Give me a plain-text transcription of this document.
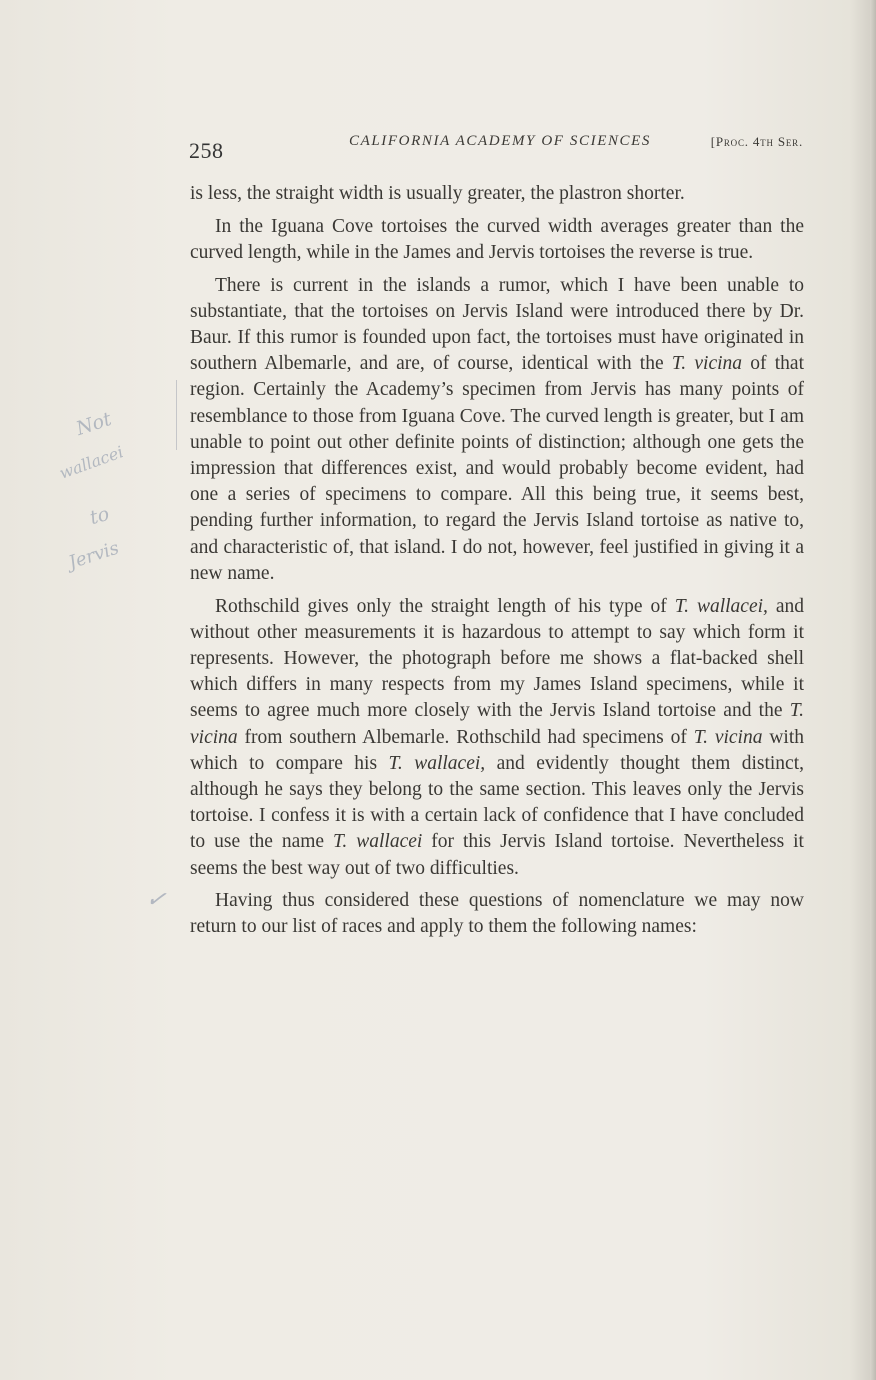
258	CALIFORNIA ACADEMY OF SCIENCES	[Proc. 4th Ser.
Not
wallacei
to
Jervis
✓

is less, the straight width is usually greater, the plastron shorter.

In the Iguana Cove tortoises the curved width averages greater than the curved length, while in the James and Jervis tortoises the reverse is true.

There is current in the islands a rumor, which I have been unable to substantiate, that the tortoises on Jervis Island were introduced there by Dr. Baur. If this rumor is founded upon fact, the tortoises must have originated in southern Albemarle, and are, of course, identical with the T. vicina of that region. Certainly the Academy’s specimen from Jervis has many points of resemblance to those from Iguana Cove. The curved length is greater, but I am unable to point out other definite points of distinction; although one gets the impression that differences exist, and would probably become evident, had one a series of specimens to compare. All this being true, it seems best, pending further information, to regard the Jervis Island tortoise as native to, and characteristic of, that island. I do not, however, feel justified in giving it a new name.

Rothschild gives only the straight length of his type of T. wallacei, and without other measurements it is hazardous to attempt to say which form it represents. However, the photograph before me shows a flat-backed shell which differs in many respects from my James Island specimens, while it seems to agree much more closely with the Jervis Island tortoise and the T. vicina from southern Albemarle. Rothschild had specimens of T. vicina with which to compare his T. wallacei, and evidently thought them distinct, although he says they belong to the same section. This leaves only the Jervis tortoise. I confess it is with a certain lack of confidence that I have concluded to use the name T. wallacei for this Jervis Island tortoise. Nevertheless it seems the best way out of two difficulties.

Having thus considered these questions of nomenclature we may now return to our list of races and apply to them the following names:
